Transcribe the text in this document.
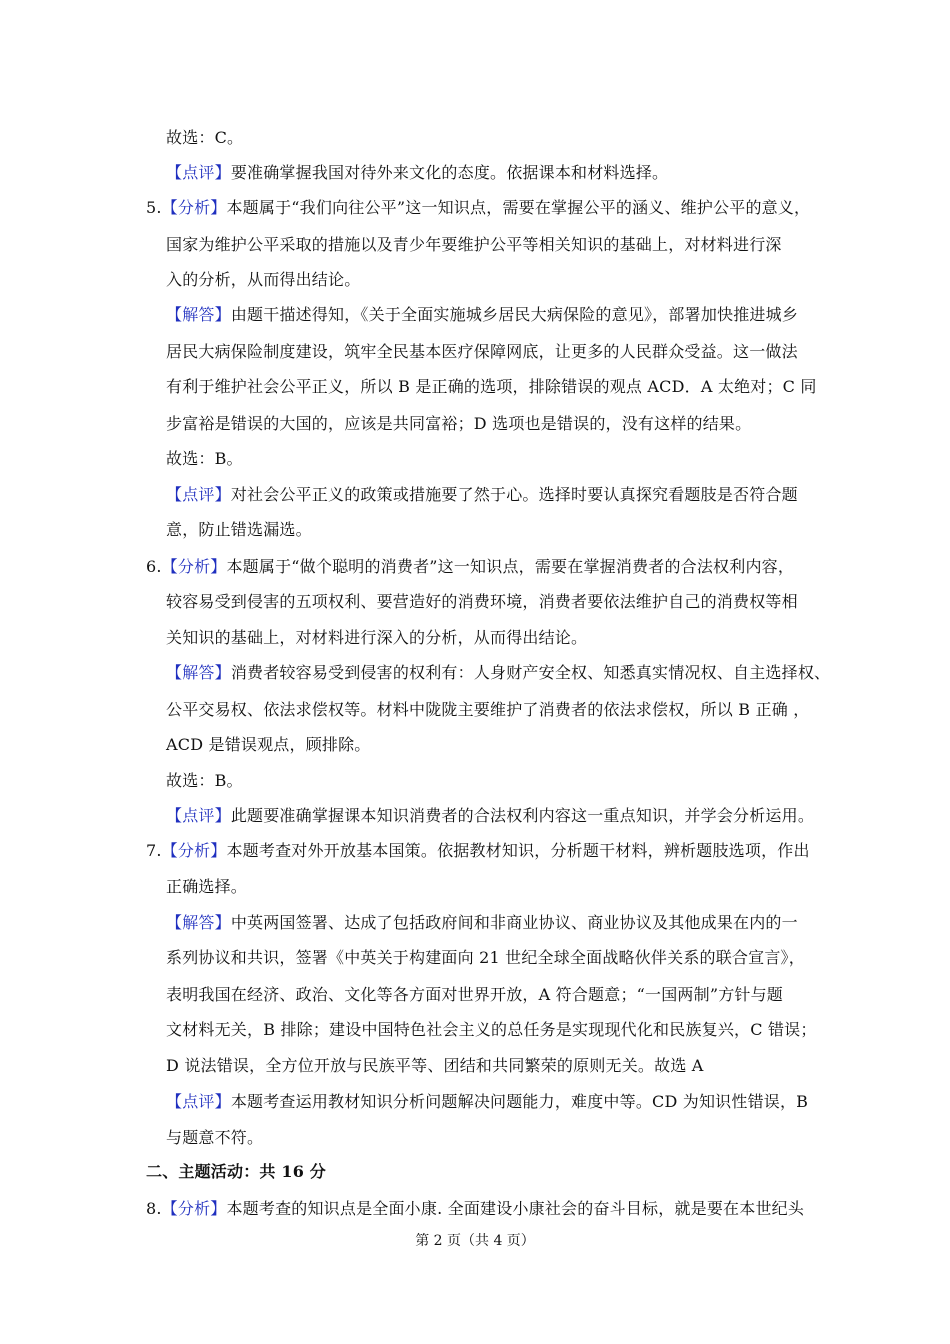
故选：C。
【点评】要准确掌握我国对待外来文化的态度。依据课本和材料选择。
5.【分析】本题属于“我们向往公平”这一知识点，需要在掌握公平的涵义、维护公平的意义，
国家为维护公平采取的措施以及青少年要维护公平等相关知识的基础上，对材料进行深
入的分析，从而得出结论。
【解答】由题干描述得知，《关于全面实施城乡居民大病保险的意见》，部署加快推进城乡
居民大病保险制度建设，筑牢全民基本医疗保障网底，让更多的人民群众受益。这一做法
有利于维护社会公平正义，所以 B 是正确的选项，排除错误的观点 ACD．A 太绝对；C 同
步富裕是错误的大国的，应该是共同富裕；D 选项也是错误的，没有这样的结果。
故选：B。
【点评】对社会公平正义的政策或措施要了然于心。选择时要认真探究看题肢是否符合题
意，防止错选漏选。
6.【分析】本题属于“做个聪明的消费者”这一知识点，需要在掌握消费者的合法权利内容，
较容易受到侵害的五项权利、要营造好的消费环境，消费者要依法维护自己的消费权等相
关知识的基础上，对材料进行深入的分析，从而得出结论。
【解答】消费者较容易受到侵害的权利有：人身财产安全权、知悉真实情况权、自主选择权、
公平交易权、依法求偿权等。材料中陇陇主要维护了消费者的依法求偿权，所以 B 正确 ，
ACD 是错误观点，顾排除。
故选：B。
【点评】此题要准确掌握课本知识消费者的合法权利内容这一重点知识，并学会分析运用。
7.【分析】本题考查对外开放基本国策。依据教材知识，分析题干材料，辨析题肢选项，作出
正确选择。
【解答】中英两国签署、达成了包括政府间和非商业协议、商业协议及其他成果在内的一
系列协议和共识，签署《中英关于构建面向 21 世纪全球全面战略伙伴关系的联合宣言》，
表明我国在经济、政治、文化等各方面对世界开放，A 符合题意；“一国两制”方针与题
文材料无关，B 排除；建设中国特色社会主义的总任务是实现现代化和民族复兴，C 错误；
D 说法错误，全方位开放与民族平等、团结和共同繁荣的原则无关。故选 A
【点评】本题考查运用教材知识分析问题解决问题能力，难度中等。CD 为知识性错误，B
与题意不符。
二、主题活动：共 16 分
8.【分析】本题考查的知识点是全面小康. 全面建设小康社会的奋斗目标，就是要在本世纪头
第 2 页（共 4 页）
